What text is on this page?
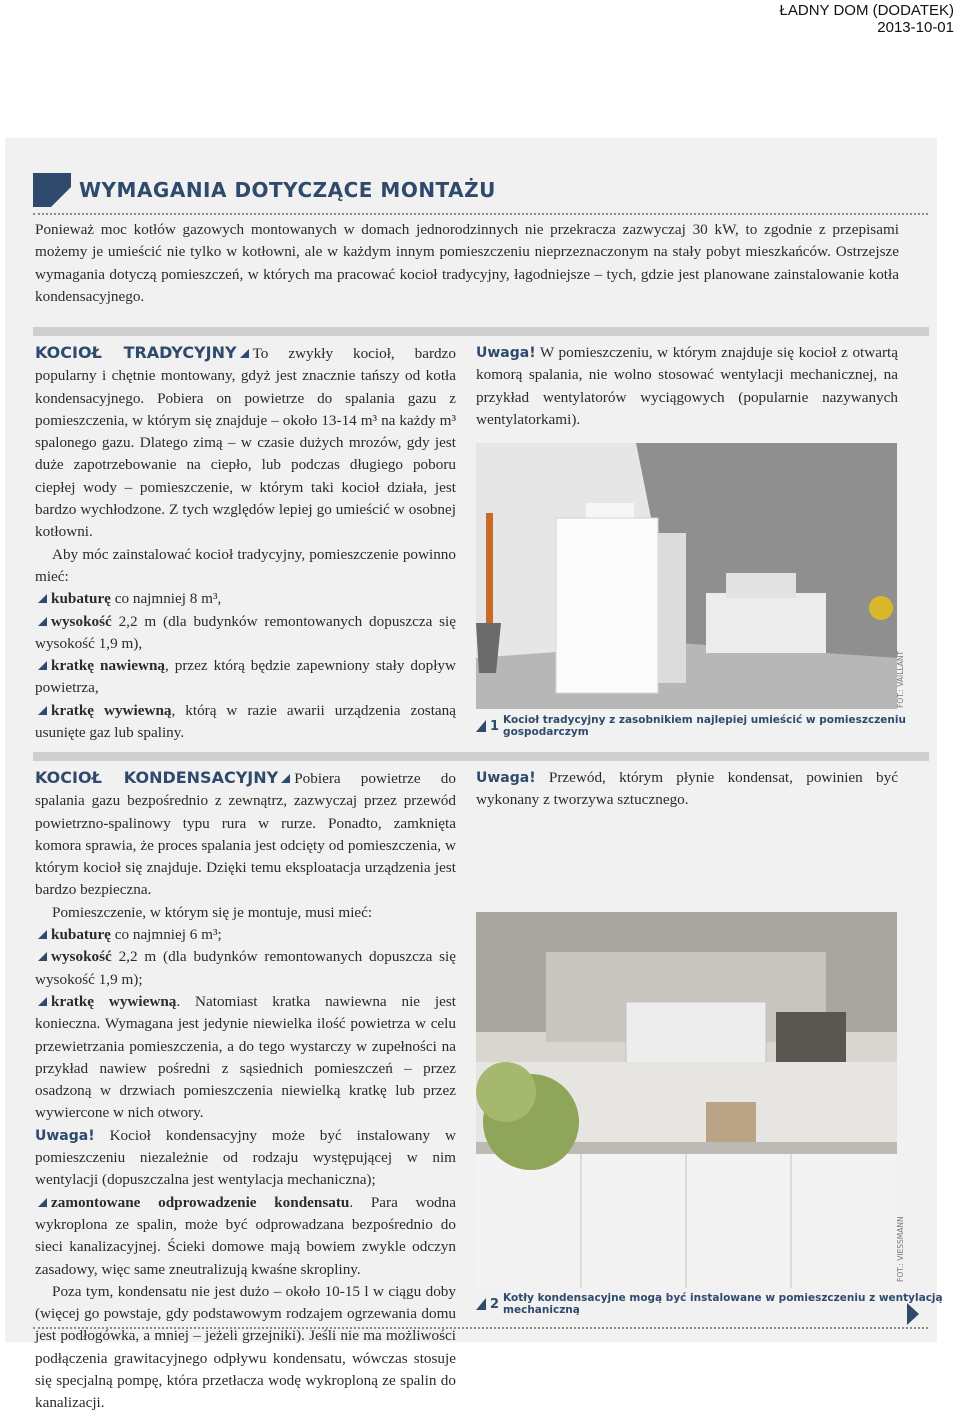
ŁADNY DOM (DODATEK)
2013-10-01
WYMAGANIA DOTYCZĄCE MONTAŻU
Ponieważ moc kotłów gazowych montowanych w domach jednorodzinnych nie przekracza zazwyczaj 30 kW, to zgodnie z przepisami możemy je umieścić nie tylko w kotłowni, ale w każdym innym pomieszczeniu nieprzeznaczonym na stały pobyt mieszkańców. Ostrzejsze wymagania dotyczą pomieszczeń, w których ma pracować kocioł tradycyjny, łagodniejsze – tych, gdzie jest planowane zainstalowanie kotła kondensacyjnego.

KOCIOŁ TRADYCYJNY To zwykły kocioł, bardzo popularny i chętnie montowany, gdyż jest znacznie tańszy od kotła kondensacyjnego. Pobiera on powietrze do spalania gazu z pomieszczenia, w którym się znajduje – około 13-14 m³ na każdy m³ spalonego gazu. Dlatego zimą – w czasie dużych mrozów, gdy jest duże zapotrzebowanie na ciepło, lub podczas długiego poboru ciepłej wody – pomieszczenie, w którym taki kocioł działa, jest bardzo wychłodzone. Z tych względów lepiej go umieścić w osobnej kotłowni.

Aby móc zainstalować kocioł tradycyjny, pomieszczenie powinno mieć:

kubaturę co najmniej 8 m³,

wysokość 2,2 m (dla budynków remontowanych dopuszcza się wysokość 1,9 m),

kratkę nawiewną, przez którą będzie zapewniony stały dopływ powietrza,

kratkę wywiewną, którą w razie awarii urządzenia zostaną usunięte gaz lub spaliny.

Uwaga! W pomieszczeniu, w którym znajduje się kocioł z otwartą komorą spalania, nie wolno stosować wentylacji mechanicznej, na przykład wentylatorów wyciągowych (popularnie nazywanych wentylatorkami).

FOT.: VAILLANT
1 Kocioł tradycyjny z zasobnikiem najlepiej umieścić w pomieszczeniu gospodarczym

KOCIOŁ KONDENSACYJNY Pobiera powietrze do spalania gazu bezpośrednio z zewnątrz, zazwyczaj przez przewód powietrzno-spalinowy typu rura w rurze. Ponadto, zamknięta komora sprawia, że proces spalania jest odcięty od pomieszczenia, w którym kocioł się znajduje. Dzięki temu eksploatacja urządzenia jest bardzo bezpieczna.

Pomieszczenie, w którym się je montuje, musi mieć:

kubaturę co najmniej 6 m³;

wysokość 2,2 m (dla budynków remontowanych dopuszcza się wysokość 1,9 m);

kratkę wywiewną. Natomiast kratka nawiewna nie jest konieczna. Wymagana jest jedynie niewielka ilość powietrza w celu przewietrzania pomieszczenia, a do tego wystarczy w zupełności na przykład nawiew pośredni z sąsiednich pomieszczeń – przez osadzoną w drzwiach pomieszczenia niewielką kratkę lub przez wywiercone w nich otwory.

Uwaga! Kocioł kondensacyjny może być instalowany w pomieszczeniu niezależnie od rodzaju występującej w nim wentylacji (dopuszczalna jest wentylacja mechaniczna);

zamontowane odprowadzenie kondensatu. Para wodna wykroplona ze spalin, może być odprowadzana bezpośrednio do sieci kanalizacyjnej. Ścieki domowe mają bowiem zwykle odczyn zasadowy, więc same zneutralizują kwaśne skropliny.

Poza tym, kondensatu nie jest dużo – około 10-15 l w ciągu doby (więcej go powstaje, gdy podstawowym rodzajem ogrzewania domu jest podłogówka, a mniej – jeżeli grzejniki). Jeśli nie ma możliwości podłączenia grawitacyjnego odpływu kondensatu, wówczas stosuje się specjalną pompę, która przetłacza wodę wykroploną ze spalin do kanalizacji.

Uwaga! Przewód, którym płynie kondensat, powinien być wykonany z tworzywa sztucznego.

FOT.: VIESSMANN
2 Kotły kondensacyjne mogą być instalowane w pomieszczeniu z wentylacją mechaniczną
